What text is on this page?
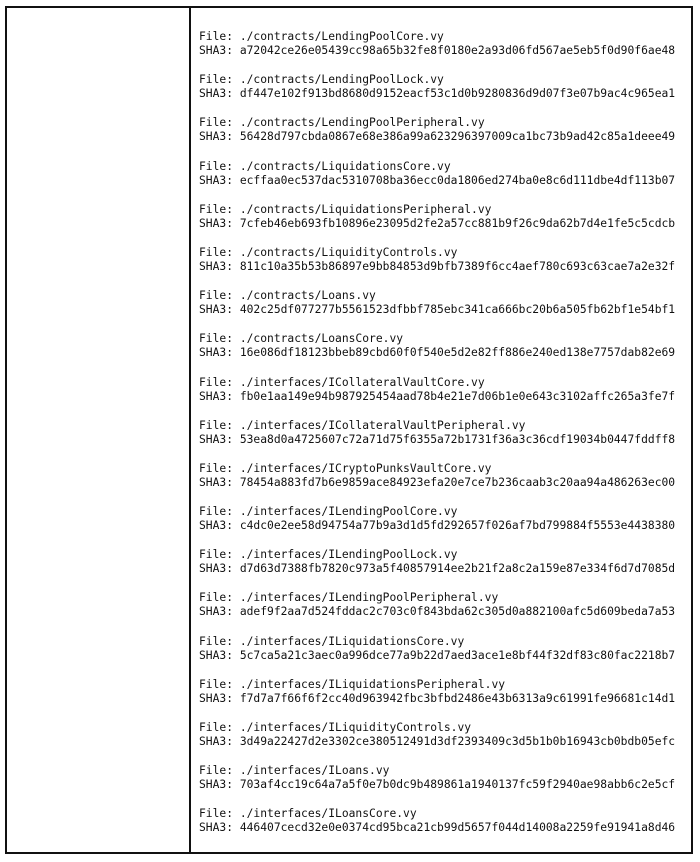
File: ./contracts/LendingPoolCore.vy
SHA3: a72042ce26e05439cc98a65b32fe8f0180e2a93d06fd567ae5eb5f0d90f6ae48
File: ./contracts/LendingPoolLock.vy
SHA3: df447e102f913bd8680d9152eacf53c1d0b9280836d9d07f3e07b9ac4c965ea1
File: ./contracts/LendingPoolPeripheral.vy
SHA3: 56428d797cbda0867e68e386a99a623296397009ca1bc73b9ad42c85a1deee49
File: ./contracts/LiquidationsCore.vy
SHA3: ecffaa0ec537dac5310708ba36ecc0da1806ed274ba0e8c6d111dbe4df113b07
File: ./contracts/LiquidationsPeripheral.vy
SHA3: 7cfeb46eb693fb10896e23095d2fe2a57cc881b9f26c9da62b7d4e1fe5c5cdcb
File: ./contracts/LiquidityControls.vy
SHA3: 811c10a35b53b86897e9bb84853d9bfb7389f6cc4aef780c693c63cae7a2e32f
File: ./contracts/Loans.vy
SHA3: 402c25df077277b5561523dfbbf785ebc341ca666bc20b6a505fb62bf1e54bf1
File: ./contracts/LoansCore.vy
SHA3: 16e086df18123bbeb89cbd60f0f540e5d2e82ff886e240ed138e7757dab82e69
File: ./interfaces/ICollateralVaultCore.vy
SHA3: fb0e1aa149e94b987925454aad78b4e21e7d06b1e0e643c3102affc265a3fe7f
File: ./interfaces/ICollateralVaultPeripheral.vy
SHA3: 53ea8d0a4725607c72a71d75f6355a72b1731f36a3c36cdf19034b0447fddff8
File: ./interfaces/ICryptoPunksVaultCore.vy
SHA3: 78454a883fd7b6e9859ace84923efa20e7ce7b236caab3c20aa94a486263ec00
File: ./interfaces/ILendingPoolCore.vy
SHA3: c4dc0e2ee58d94754a77b9a3d1d5fd292657f026af7bd799884f5553e4438380
File: ./interfaces/ILendingPoolLock.vy
SHA3: d7d63d7388fb7820c973a5f40857914ee2b21f2a8c2a159e87e334f6d7d7085d
File: ./interfaces/ILendingPoolPeripheral.vy
SHA3: adef9f2aa7d524fddac2c703c0f843bda62c305d0a882100afc5d609beda7a53
File: ./interfaces/ILiquidationsCore.vy
SHA3: 5c7ca5a21c3aec0a996dce77a9b22d7aed3ace1e8bf44f32df83c80fac2218b7
File: ./interfaces/ILiquidationsPeripheral.vy
SHA3: f7d7a7f66f6f2cc40d963942fbc3bfbd2486e43b6313a9c61991fe96681c14d1
File: ./interfaces/ILiquidityControls.vy
SHA3: 3d49a22427d2e3302ce380512491d3df2393409c3d5b1b0b16943cb0bdb05efc
File: ./interfaces/ILoans.vy
SHA3: 703af4cc19c64a7a5f0e7b0dc9b489861a1940137fc59f2940ae98abb6c2e5cf
File: ./interfaces/ILoansCore.vy
SHA3: 446407cecd32e0e0374cd95bca21cb99d5657f044d14008a2259fe91941a8d46
